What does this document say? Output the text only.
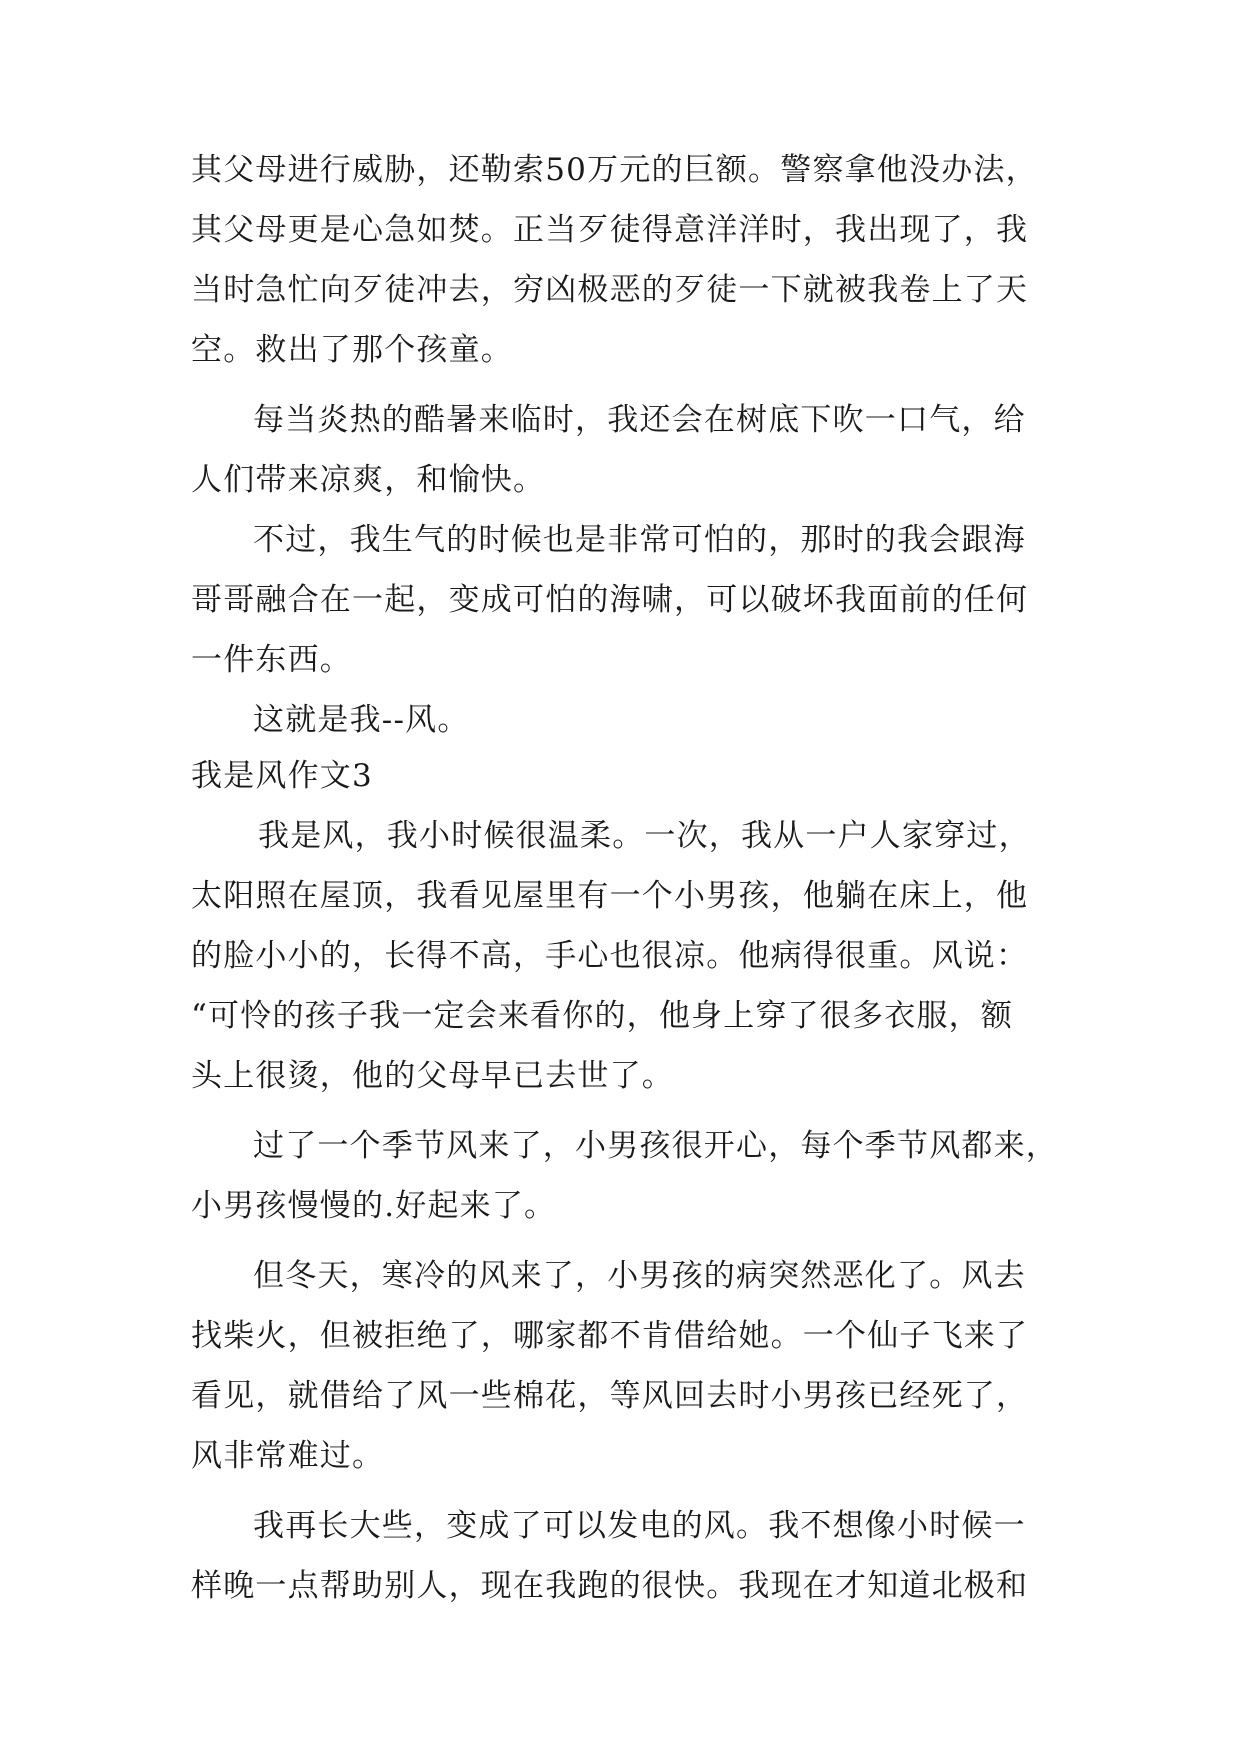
其父母进行威胁，还勒索50万元的巨额。警察拿他没办法，
其父母更是心急如焚。正当歹徒得意洋洋时，我出现了，我
当时急忙向歹徒冲去，穷凶极恶的歹徒一下就被我卷上了天
空。救出了那个孩童。
每当炎热的酷暑来临时，我还会在树底下吹一口气，给
人们带来凉爽，和愉快。
不过，我生气的时候也是非常可怕的，那时的我会跟海
哥哥融合在一起，变成可怕的海啸，可以破坏我面前的任何
一件东西。
这就是我--风。
我是风作文3
我是风，我小时候很温柔。一次，我从一户人家穿过，
太阳照在屋顶，我看见屋里有一个小男孩，他躺在床上，他
的脸小小的，长得不高，手心也很凉。他病得很重。风说：
“可怜的孩子我一定会来看你的，他身上穿了很多衣服，额
头上很烫，他的父母早已去世了。
过了一个季节风来了，小男孩很开心，每个季节风都来，
小男孩慢慢的.好起来了。
但冬天，寒冷的风来了，小男孩的病突然恶化了。风去
找柴火，但被拒绝了，哪家都不肯借给她。一个仙子飞来了
看见，就借给了风一些棉花，等风回去时小男孩已经死了，
风非常难过。
我再长大些，变成了可以发电的风。我不想像小时候一
样晚一点帮助别人，现在我跑的很快。我现在才知道北极和
